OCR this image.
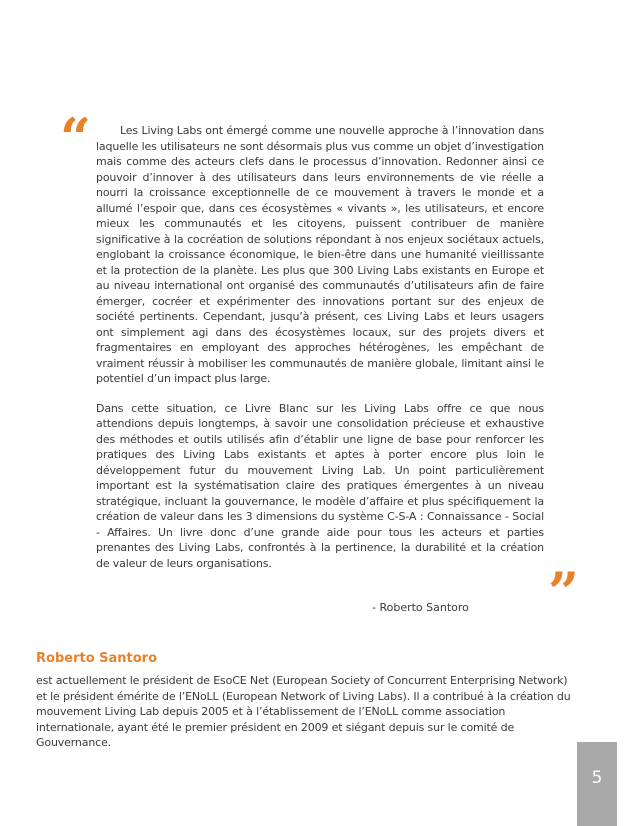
“	Les Living Labs ont émergé comme une nouvelle approche à l’innovation dans laquelle les utilisateurs ne sont désormais plus vus comme un objet d’investigation mais comme des acteurs clefs dans le processus d’innovation. Redonner ainsi ce pouvoir d’innover à des utilisateurs dans leurs environnements de vie réelle a nourri la croissance exceptionnelle de ce mouvement à travers le monde et a allumé l’espoir que, dans ces écosystèmes « vivants », les utilisateurs, et encore mieux les communautés et les citoyens, puissent contribuer de manière significative à la cocréation de solutions répondant à nos enjeux sociétaux actuels, englobant la croissance économique, le bien-être dans une humanité vieillissante et la protection de la planète. Les plus que 300 Living Labs existants en Europe et au niveau international ont organisé des communautés d’utilisateurs afin de faire émerger, cocréer et expérimenter des innovations portant sur des enjeux de société pertinents. Cependant, jusqu’à présent, ces Living Labs et leurs usagers ont simplement agi dans des écosystèmes locaux, sur des projets divers et fragmentaires en employant des approches hétérogènes, les empêchant de vraiment réussir à mobiliser les communautés de manière globale, limitant ainsi le potentiel d’un impact plus large.

Dans cette situation, ce Livre Blanc sur les Living Labs offre ce que nous attendions depuis longtemps, à savoir une consolidation précieuse et exhaustive des méthodes et outils utilisés afin d’établir une ligne de base pour renforcer les pratiques des Living Labs existants et aptes à porter encore plus loin le développement futur du mouvement Living Lab. Un point particulièrement important est la systématisation claire des pratiques émergentes à un niveau stratégique, incluant la gouvernance, le modèle d’affaire et plus spécifiquement la création de valeur dans les 3 dimensions du système C-S-A : Connaissance - Social - Affaires. Un livre donc d’une grande aide pour tous les acteurs et parties prenantes des Living Labs, confrontés à la pertinence, la durabilité et la création de valeur de leurs organisations.	”
- Roberto Santoro
Roberto Santoro
est actuellement le président de EsoCE Net (European Society of Concurrent Enterprising Network) et le président émérite de l’ENoLL (European Network of Living Labs). Il a contribué à la création du mouvement Living Lab depuis 2005 et à l’établissement de l’ENoLL comme association internationale, ayant été le premier président en 2009 et siégant depuis sur le comité de Gouvernance.
5
